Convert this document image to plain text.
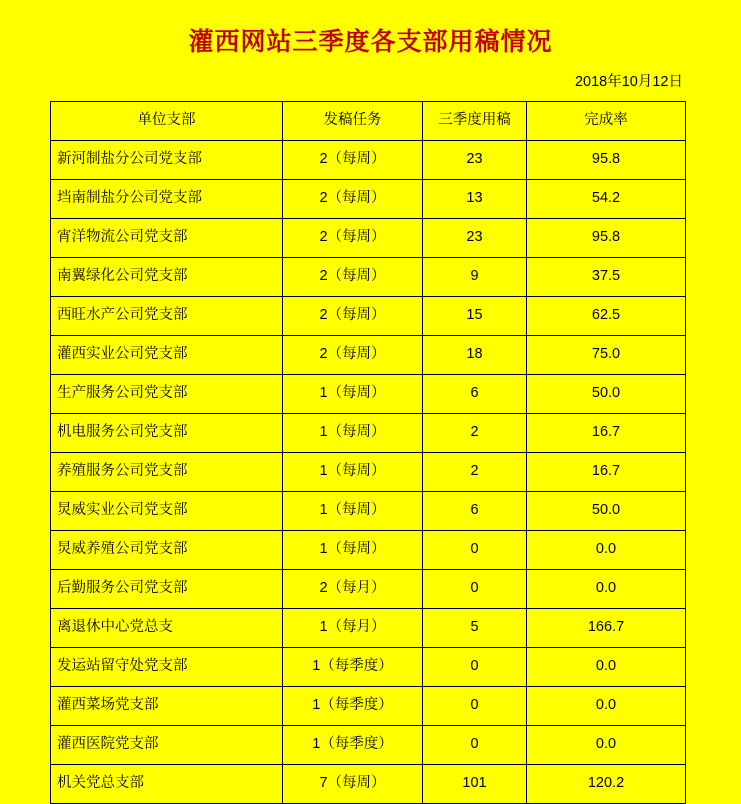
灌西网站三季度各支部用稿情况
2018年10月12日
单位支部	发稿任务	三季度用稿	完成率
新河制盐分公司党支部	2（每周）	23	95.8
垱南制盐分公司党支部	2（每周）	13	54.2
宵洋物流公司党支部	2（每周）	23	95.8
南翼绿化公司党支部	2（每周）	9	37.5
西旺水产公司党支部	2（每周）	15	62.5
灌西实业公司党支部	2（每周）	18	75.0
生产服务公司党支部	1（每周）	6	50.0
机电服务公司党支部	1（每周）	2	16.7
养殖服务公司党支部	1（每周）	2	16.7
炅威实业公司党支部	1（每周）	6	50.0
炅威养殖公司党支部	1（每周）	0	0.0
后勤服务公司党支部	2（每月）	0	0.0
离退休中心党总支	1（每月）	5	166.7
发运站留守处党支部	1（每季度）	0	0.0
灌西菜场党支部	1（每季度）	0	0.0
灌西医院党支部	1（每季度）	0	0.0
机关党总支部	7（每周）	101	120.2
